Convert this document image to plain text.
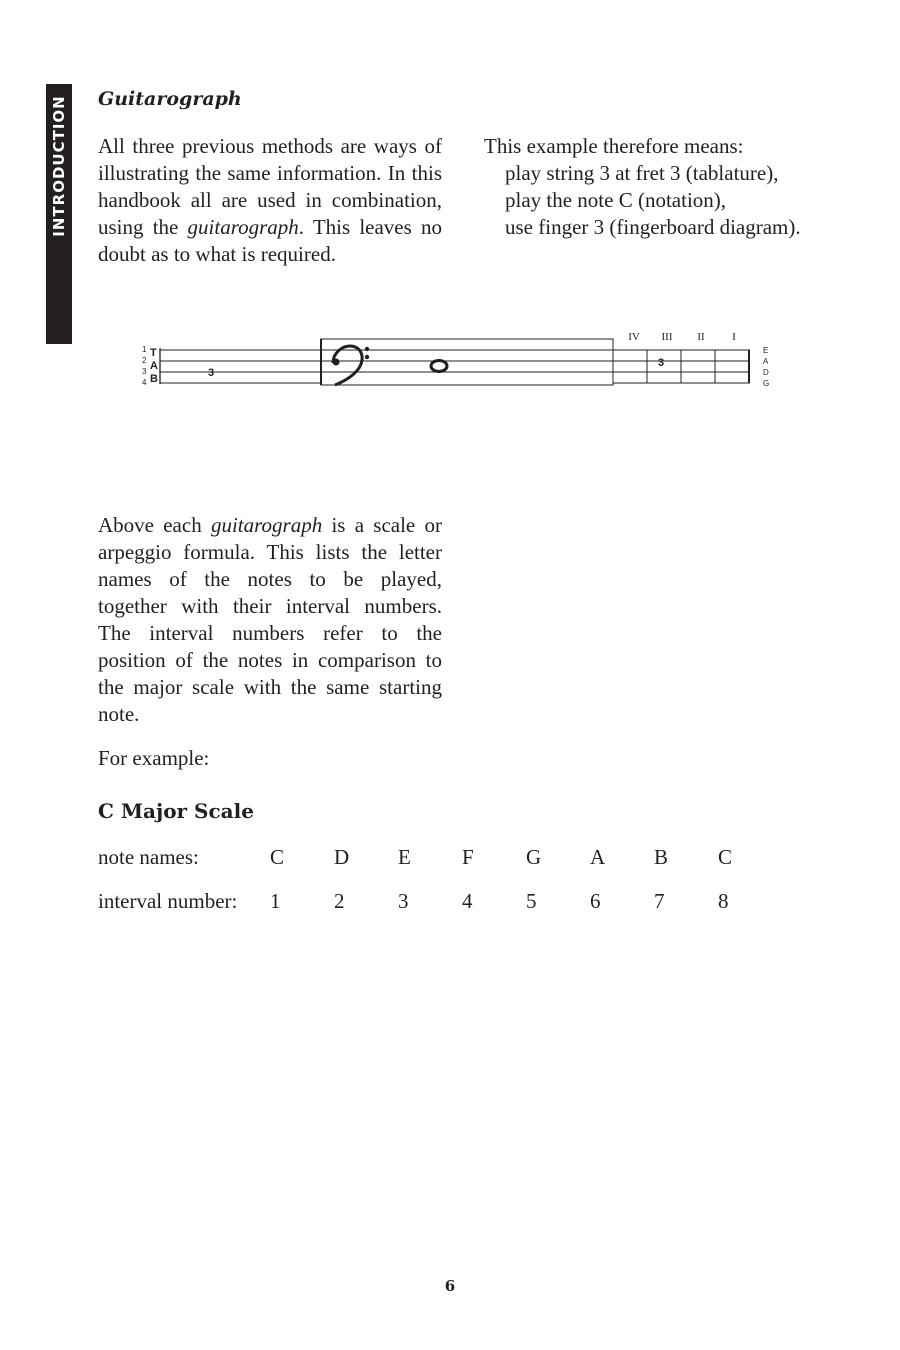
INTRODUCTION Guitarograph

All three previous methods are ways of illustrating the same information. In this handbook all are used in combination, using the guitarograph. This leaves no doubt as to what is required.

This example therefore means:
play string 3 at fret 3 (tablature),
play the note C (notation),
use finger 3 (fingerboard diagram).

1
2
3
4
T
A
B	3
IV III II	I
3
E
A
D
G

Above each guitarograph is a scale or arpeggio formula. This lists the letter names of the notes to be played, together with their interval numbers. The interval numbers refer to the position of the notes in comparison to the major scale with the same starting note.

For example:

C Major Scale
note names:	C	D	E	F	G	A	B	C
interval number: 1	2	3	4	5	6	7	8
6
